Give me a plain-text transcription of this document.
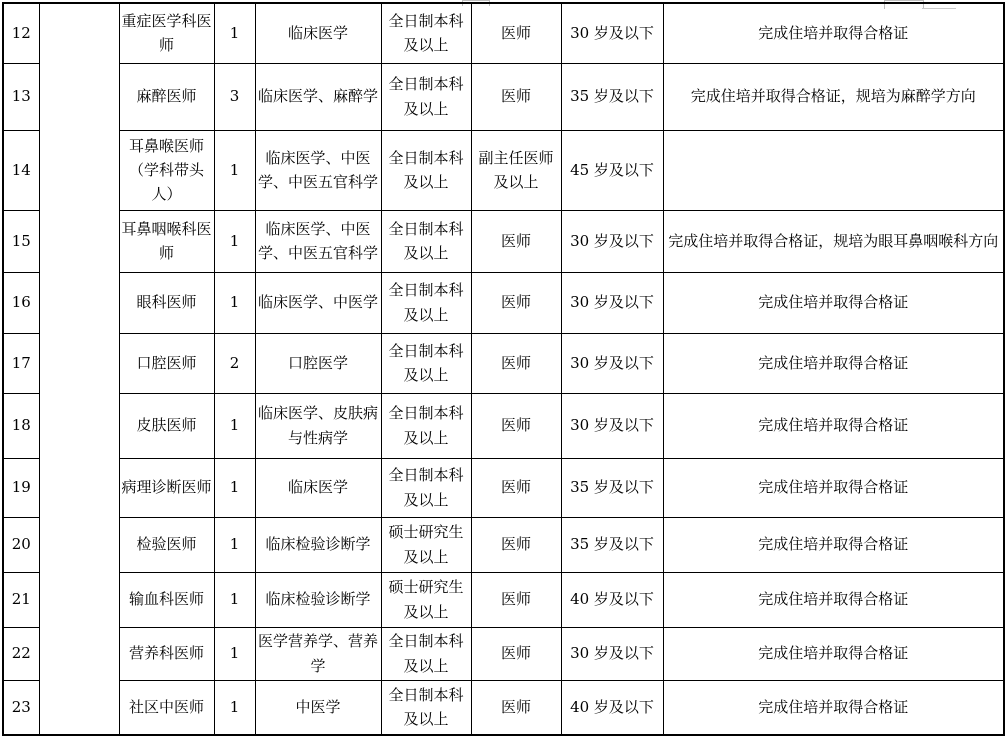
12		重症医学科医师	1	临床医学	全日制本科及以上	医师	30 岁及以下	完成住培并取得合格证
13		麻醉医师	3	临床医学、麻醉学	全日制本科及以上	医师	35 岁及以下	完成住培并取得合格证，规培为麻醉学方向
14		耳鼻喉医师（学科带头人）	1	临床医学、中医学、中医五官科学	全日制本科及以上	副主任医师及以上	45 岁及以下	
15		耳鼻咽喉科医师	1	临床医学、中医学、中医五官科学	全日制本科及以上	医师	30 岁及以下	完成住培并取得合格证，规培为眼耳鼻咽喉科方向
16		眼科医师	1	临床医学、中医学	全日制本科及以上	医师	30 岁及以下	完成住培并取得合格证
17		口腔医师	2	口腔医学	全日制本科及以上	医师	30 岁及以下	完成住培并取得合格证
18		皮肤医师	1	临床医学、皮肤病与性病学	全日制本科及以上	医师	30 岁及以下	完成住培并取得合格证
19		病理诊断医师	1	临床医学	全日制本科及以上	医师	35 岁及以下	完成住培并取得合格证
20		检验医师	1	临床检验诊断学	硕士研究生及以上	医师	35 岁及以下	完成住培并取得合格证
21		输血科医师	1	临床检验诊断学	硕士研究生及以上	医师	40 岁及以下	完成住培并取得合格证
22		营养科医师	1	医学营养学、营养学	全日制本科及以上	医师	30 岁及以下	完成住培并取得合格证
23		社区中医师	1	中医学	全日制本科及以上	医师	40 岁及以下	完成住培并取得合格证
